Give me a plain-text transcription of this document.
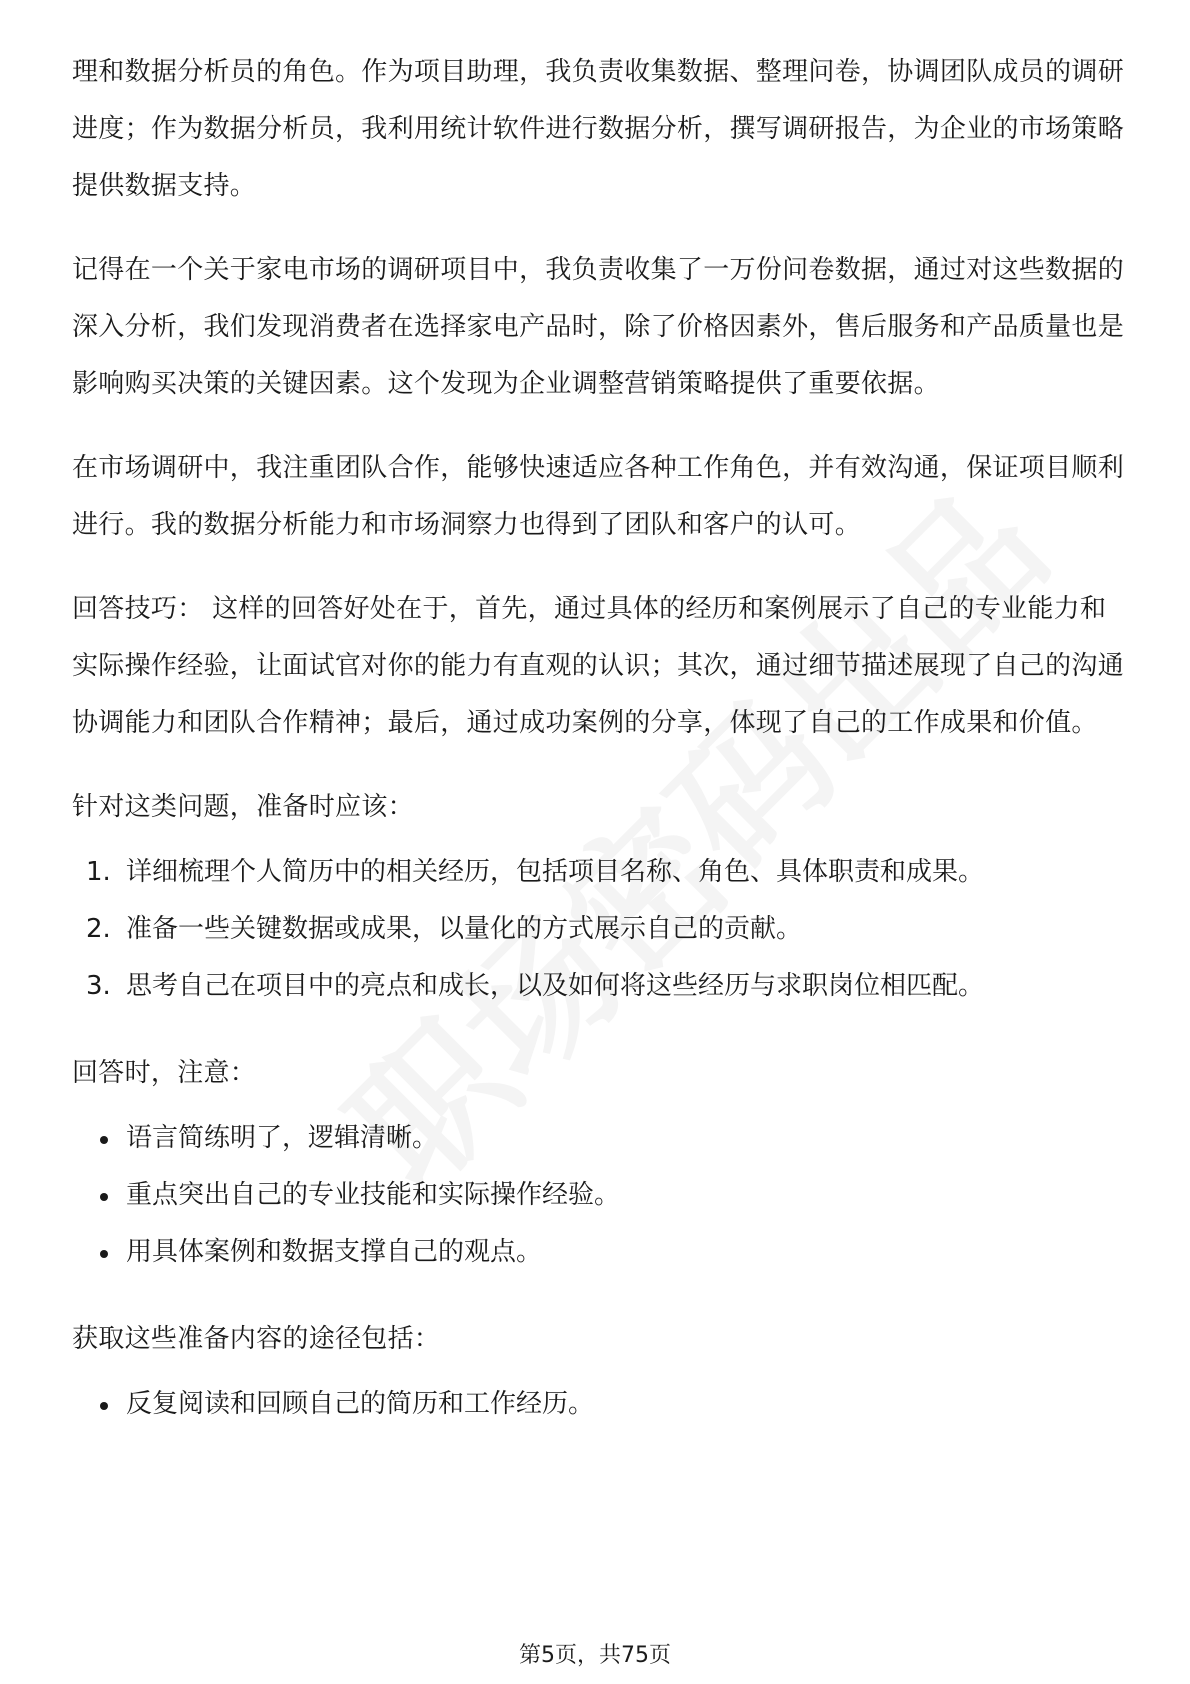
理和数据分析员的角色。作为项目助理，我负责收集数据、整理问卷，协调团队成员的调研进度；作为数据分析员，我利用统计软件进行数据分析，撰写调研报告，为企业的市场策略提供数据支持。

记得在一个关于家电市场的调研项目中，我负责收集了一万份问卷数据，通过对这些数据的深入分析，我们发现消费者在选择家电产品时，除了价格因素外，售后服务和产品质量也是影响购买决策的关键因素。这个发现为企业调整营销策略提供了重要依据。

在市场调研中，我注重团队合作，能够快速适应各种工作角色，并有效沟通，保证项目顺利进行。我的数据分析能力和市场洞察力也得到了团队和客户的认可。

回答技巧： 这样的回答好处在于，首先，通过具体的经历和案例展示了自己的专业能力和实际操作经验，让面试官对你的能力有直观的认识；其次，通过细节描述展现了自己的沟通协调能力和团队合作精神；最后，通过成功案例的分享，体现了自己的工作成果和价值。

针对这类问题，准备时应该：

1. 详细梳理个人简历中的相关经历，包括项目名称、角色、具体职责和成果。
2. 准备一些关键数据或成果，以量化的方式展示自己的贡献。
3. 思考自己在项目中的亮点和成长，以及如何将这些经历与求职岗位相匹配。

回答时，注意：

语言简练明了，逻辑清晰。
重点突出自己的专业技能和实际操作经验。
用具体案例和数据支撑自己的观点。

获取这些准备内容的途径包括：

反复阅读和回顾自己的简历和工作经历。
第5页，共75页
